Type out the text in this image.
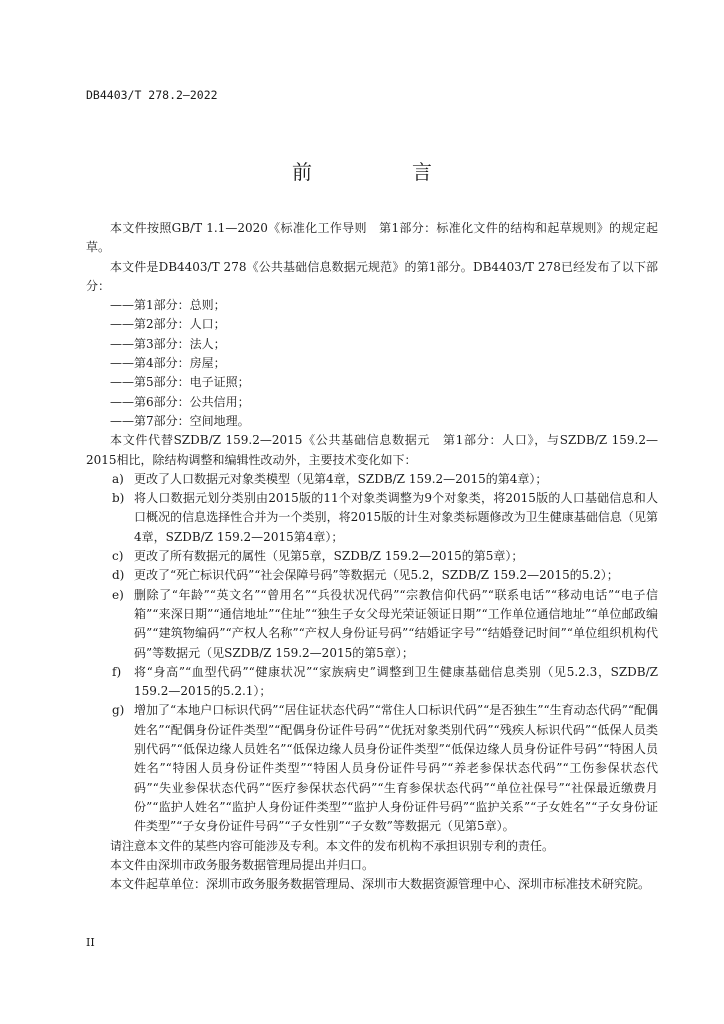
DB4403/T 278.2—2022
前　言

本文件按照GB/T 1.1—2020《标准化工作导则　第1部分：标准化文件的结构和起草规则》的规定起草。

本文件是DB4403/T 278《公共基础信息数据元规范》的第1部分。DB4403/T 278已经发布了以下部分：

——第1部分：总则；

——第2部分：人口；

——第3部分：法人；

——第4部分：房屋；

——第5部分：电子证照；

——第6部分：公共信用；

——第7部分：空间地理。

本文件代替SZDB/Z 159.2—2015《公共基础信息数据元　第1部分：人口》，与SZDB/Z 159.2—2015相比，除结构调整和编辑性改动外，主要技术变化如下：

a) 更改了人口数据元对象类模型（见第4章，SZDB/Z 159.2—2015的第4章）；
b) 将人口数据元划分类别由2015版的11个对象类调整为9个对象类，将2015版的人口基础信息和人口概况的信息选择性合并为一个类别，将2015版的计生对象类标题修改为卫生健康基础信息（见第4章，SZDB/Z 159.2—2015第4章）；
c) 更改了所有数据元的属性（见第5章，SZDB/Z 159.2—2015的第5章）；
d) 更改了“死亡标识代码”“社会保障号码”等数据元（见5.2，SZDB/Z 159.2—2015的5.2）；
e) 删除了“年龄”“英文名”“曾用名”“兵役状况代码”“宗教信仰代码”“联系电话”“移动电话”“电子信箱”“来深日期”“通信地址”“住址”“独生子女父母光荣证领证日期”“工作单位通信地址”“单位邮政编码”“建筑物编码”“产权人名称”“产权人身份证号码”“结婚证字号”“结婚登记时间”“单位组织机构代码”等数据元（见SZDB/Z 159.2—2015的第5章）；
f)	将“身高”“血型代码”“健康状况”“家族病史”调整到卫生健康基础信息类别（见5.2.3，SZDB/Z 159.2—2015的5.2.1）；
g) 增加了“本地户口标识代码”“居住证状态代码”“常住人口标识代码”“是否独生”“生育动态代码”“配偶姓名”“配偶身份证件类型”“配偶身份证件号码”“优抚对象类别代码”“残疾人标识代码”“低保人员类别代码”“低保边缘人员姓名”“低保边缘人员身份证件类型”“低保边缘人员身份证件号码”“特困人员姓名”“特困人员身份证件类型”“特困人员身份证件号码”“养老参保状态代码”“工伤参保状态代码”“失业参保状态代码”“医疗参保状态代码”“生育参保状态代码”“单位社保号”“社保最近缴费月份”“监护人姓名”“监护人身份证件类型”“监护人身份证件号码”“监护关系”“子女姓名”“子女身份证件类型”“子女身份证件号码”“子女性别”“子女数”等数据元（见第5章）。

请注意本文件的某些内容可能涉及专利。本文件的发布机构不承担识别专利的责任。

本文件由深圳市政务服务数据管理局提出并归口。

本文件起草单位：深圳市政务服务数据管理局、深圳市大数据资源管理中心、深圳市标准技术研究院。

II
